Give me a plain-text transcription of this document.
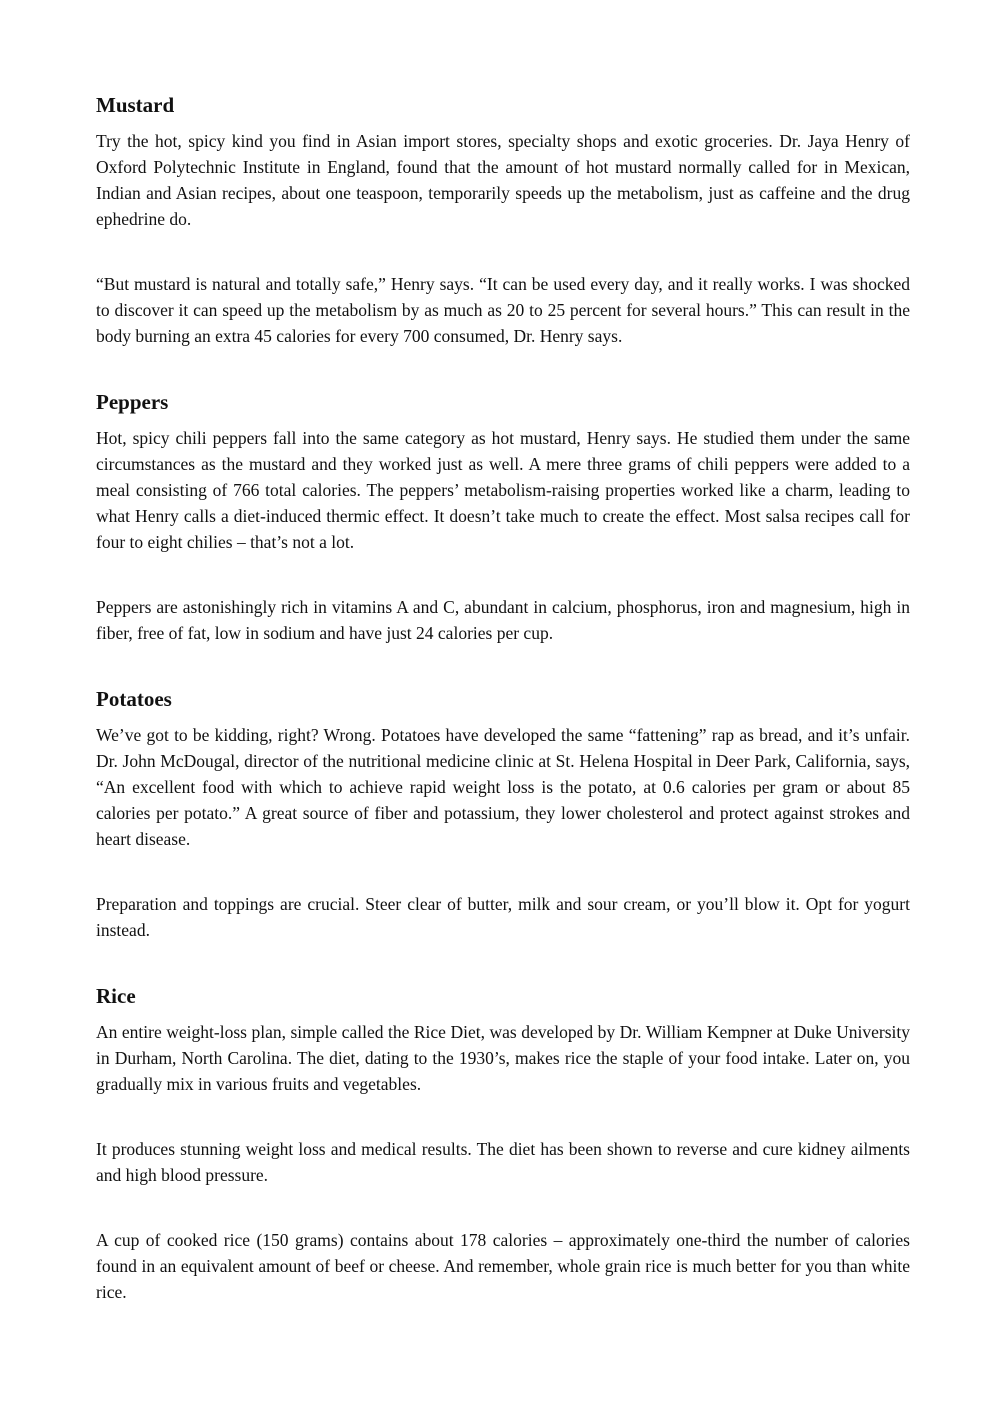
Mustard

Try the hot, spicy kind you find in Asian import stores, specialty shops and exotic groceries. Dr. Jaya Henry of Oxford Polytechnic Institute in England, found that the amount of hot mustard normally called for in Mexican, Indian and Asian recipes, about one teaspoon, temporarily speeds up the metabolism, just as caffeine and the drug ephedrine do.

“But mustard is natural and totally safe,” Henry says. “It can be used every day, and it really works. I was shocked to discover it can speed up the metabolism by as much as 20 to 25 percent for several hours.” This can result in the body burning an extra 45 calories for every 700 consumed, Dr. Henry says.

Peppers

Hot, spicy chili peppers fall into the same category as hot mustard, Henry says. He studied them under the same circumstances as the mustard and they worked just as well. A mere three grams of chili peppers were added to a meal consisting of 766 total calories. The peppers’ metabolism-raising properties worked like a charm, leading to what Henry calls a diet-induced thermic effect. It doesn’t take much to create the effect. Most salsa recipes call for four to eight chilies – that’s not a lot.

Peppers are astonishingly rich in vitamins A and C, abundant in calcium, phosphorus, iron and magnesium, high in fiber, free of fat, low in sodium and have just 24 calories per cup.

Potatoes

We’ve got to be kidding, right? Wrong. Potatoes have developed the same “fattening” rap as bread, and it’s unfair. Dr. John McDougal, director of the nutritional medicine clinic at St. Helena Hospital in Deer Park, California, says, “An excellent food with which to achieve rapid weight loss is the potato, at 0.6 calories per gram or about 85 calories per potato.” A great source of fiber and potassium, they lower cholesterol and protect against strokes and heart disease.

Preparation and toppings are crucial. Steer clear of butter, milk and sour cream, or you’ll blow it. Opt for yogurt instead.

Rice

An entire weight-loss plan, simple called the Rice Diet, was developed by Dr. William Kempner at Duke University in Durham, North Carolina. The diet, dating to the 1930’s, makes rice the staple of your food intake. Later on, you gradually mix in various fruits and vegetables.

It produces stunning weight loss and medical results. The diet has been shown to reverse and cure kidney ailments and high blood pressure.

A cup of cooked rice (150 grams) contains about 178 calories – approximately one-third the number of calories found in an equivalent amount of beef or cheese. And remember, whole grain rice is much better for you than white rice.
